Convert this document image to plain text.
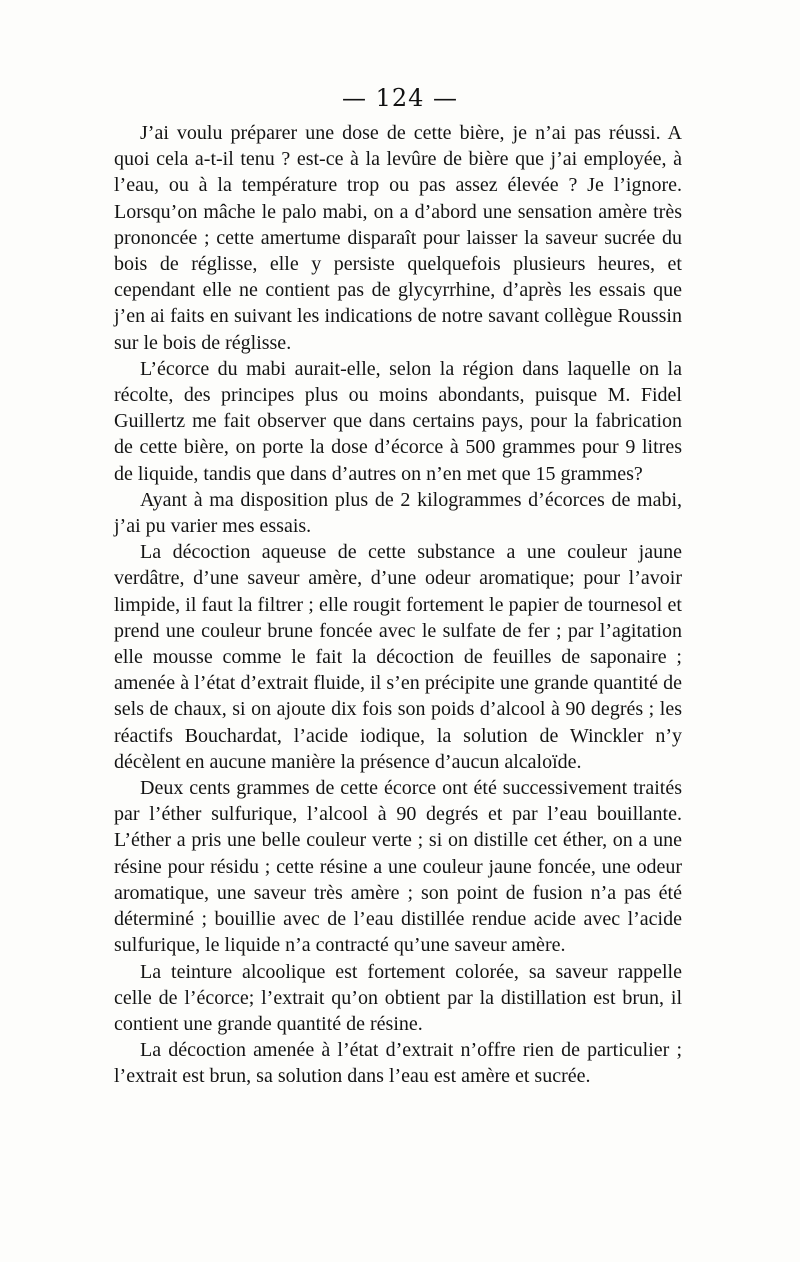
— 124 —

J’ai voulu préparer une dose de cette bière, je n’ai pas réussi. A quoi cela a-t-il tenu ? est-ce à la levûre de bière que j’ai employée, à l’eau, ou à la température trop ou pas assez élevée ? Je l’ignore. Lorsqu’on mâche le palo mabi, on a d’abord une sensation amère très prononcée ; cette amertume disparaît pour laisser la saveur sucrée du bois de réglisse, elle y persiste quelquefois plusieurs heures, et cependant elle ne contient pas de glycyrrhine, d’après les essais que j’en ai faits en suivant les indications de notre savant collègue Roussin sur le bois de réglisse.

L’écorce du mabi aurait-elle, selon la région dans laquelle on la récolte, des principes plus ou moins abondants, puisque M. Fidel Guillertz me fait observer que dans certains pays, pour la fabrication de cette bière, on porte la dose d’écorce à 500 grammes pour 9 litres de liquide, tandis que dans d’autres on n’en met que 15 grammes?

Ayant à ma disposition plus de 2 kilogrammes d’écorces de mabi, j’ai pu varier mes essais.

La décoction aqueuse de cette substance a une couleur jaune verdâtre, d’une saveur amère, d’une odeur aromatique; pour l’avoir limpide, il faut la filtrer ; elle rougit fortement le papier de tournesol et prend une couleur brune foncée avec le sulfate de fer ; par l’agitation elle mousse comme le fait la décoction de feuilles de saponaire ; amenée à l’état d’extrait fluide, il s’en précipite une grande quantité de sels de chaux, si on ajoute dix fois son poids d’alcool à 90 degrés ; les réactifs Bouchardat, l’acide iodique, la solution de Winckler n’y décèlent en aucune manière la présence d’aucun alcaloïde.

Deux cents grammes de cette écorce ont été successivement traités par l’éther sulfurique, l’alcool à 90 degrés et par l’eau bouillante. L’éther a pris une belle couleur verte ; si on distille cet éther, on a une résine pour résidu ; cette résine a une couleur jaune foncée, une odeur aromatique, une saveur très amère ; son point de fusion n’a pas été déterminé ; bouillie avec de l’eau distillée rendue acide avec l’acide sulfurique, le liquide n’a contracté qu’une saveur amère.

La teinture alcoolique est fortement colorée, sa saveur rappelle celle de l’écorce; l’extrait qu’on obtient par la distillation est brun, il contient une grande quantité de résine.

La décoction amenée à l’état d’extrait n’offre rien de particulier ; l’extrait est brun, sa solution dans l’eau est amère et sucrée.
